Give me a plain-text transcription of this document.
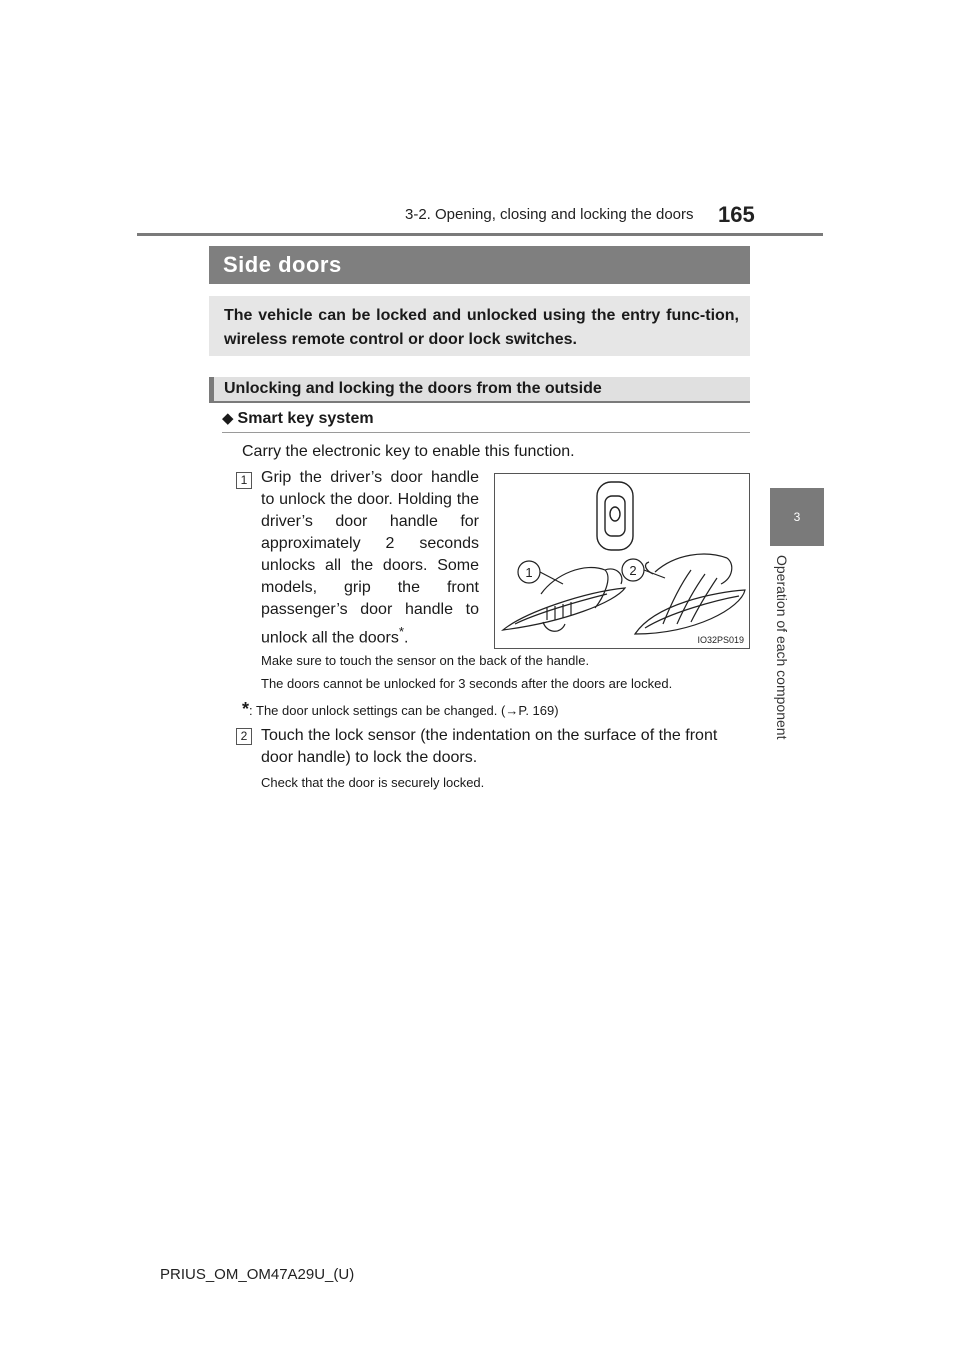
3-2. Opening, closing and locking the doors 165
3
Operation of each component
Side doors
The vehicle can be locked and unlocked using the entry func-tion, wireless remote control or door lock switches.
Unlocking and locking the doors from the outside
◆ Smart key system
Carry the electronic key to enable this function.
1 Grip the driver’s door handle to unlock the door. Holding the driver’s door handle for approximately 2 seconds unlocks all the doors. Some models, grip the front passenger’s door handle to unlock all the doors*.
1	2
IO32PS019
Make sure to touch the sensor on the back of the handle.
The doors cannot be unlocked for 3 seconds after the doors are locked.
*: The door unlock settings can be changed. (→P. 169)
2 Touch the lock sensor (the indentation on the surface of the front door handle) to lock the doors.
Check that the door is securely locked.
PRIUS_OM_OM47A29U_(U)
